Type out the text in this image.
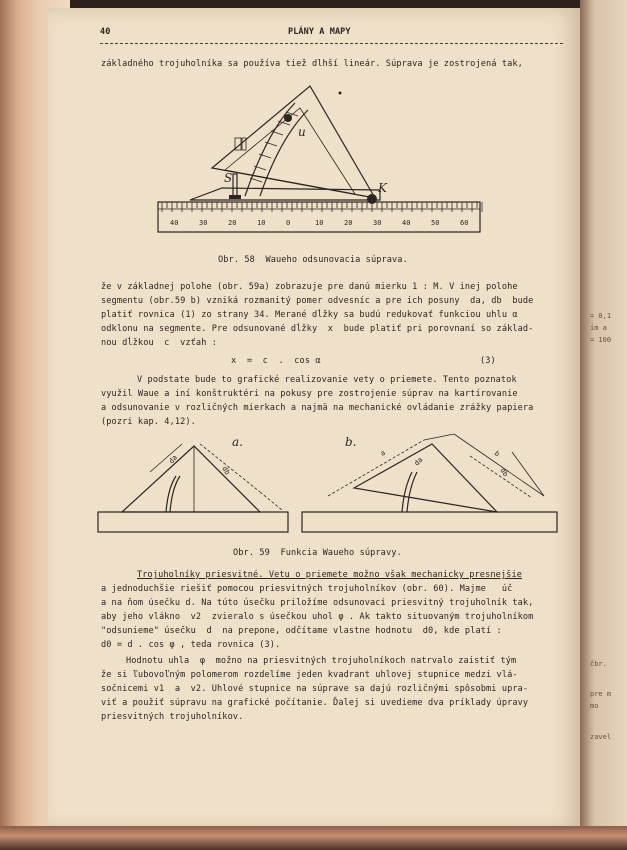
= 0,1
ím a
= 100
čbr.
pre m
mo
zavel
40	PLÁNY A MAPY
základného trojuholníka sa používa tiež dlhší lineár. Súprava je zostrojená tak,
u
S
K
40	30	20	10	0	10	20	30	40	50	60
Obr. 58  Waueho odsunovacia súprava.
že v základnej polohe (obr. 59a) zobrazuje pre danú mierku 1 : M. V inej polohe
segmentu (obr.59 b) vzniká rozmanitý pomer odvesníc a pre ich posuny  da, db  bude
platiť rovnica (1) zo strany 34. Merané dĺžky sa budú redukovať funkciou uhlu α
odklonu na segmente. Pre odsunované dĺžky  x  bude platiť pri porovnaní so základ-
nou dĺžkou  c  vzťah :
x  =  c  .  cos α	(3)
V podstate bude to grafické realizovanie vety o priemete. Tento poznatok
využil Waue a iní konštruktéri na pokusy pre zostrojenie súprav na kartírovanie
a odsunovanie v rozličných mierkach a najmä na mechanické ovládanie zrážky papiera
(pozri kap. 4,12).
a.
da
db
b.
a
da
b
db
Obr. 59  Funkcia Waueho súpravy.
Trojuholníky priesvitné. Vetu o priemete možno však mechanicky presnejšie
a jednoduchšie riešiť pomocou priesvitných trojuholníkov (obr. 60). Majme   úč
a na ňom úsečku d. Na túto úsečku priložíme odsunovací priesvitný trojuholník tak,
aby jeho vláknо  v2  zvieralo s úsečkou uhol φ . Ak takto situovaným trojuholníkom
"odsunieme" úsečku  d  na prepone, odčítame vlastne hodnotu  d0, kde platí :
d0 = d . cos φ , teda rovnica (3).
Hodnotu uhla  φ  možno na priesvitných trojuholníkoch natrvalo zaistiť tým
že si ľubovoľným polomerom rozdelíme jeden kvadrant uhlovej stupnice medzi vlá-
sočnicemi v1  a  v2. Uhlové stupnice na súprave sa dajú rozličnými spôsobmi upra-
viť a použiť súpravu na grafické počítanie. Ďalej si uvedieme dva príklady úpravy
priesvitných trojuholníkov.
